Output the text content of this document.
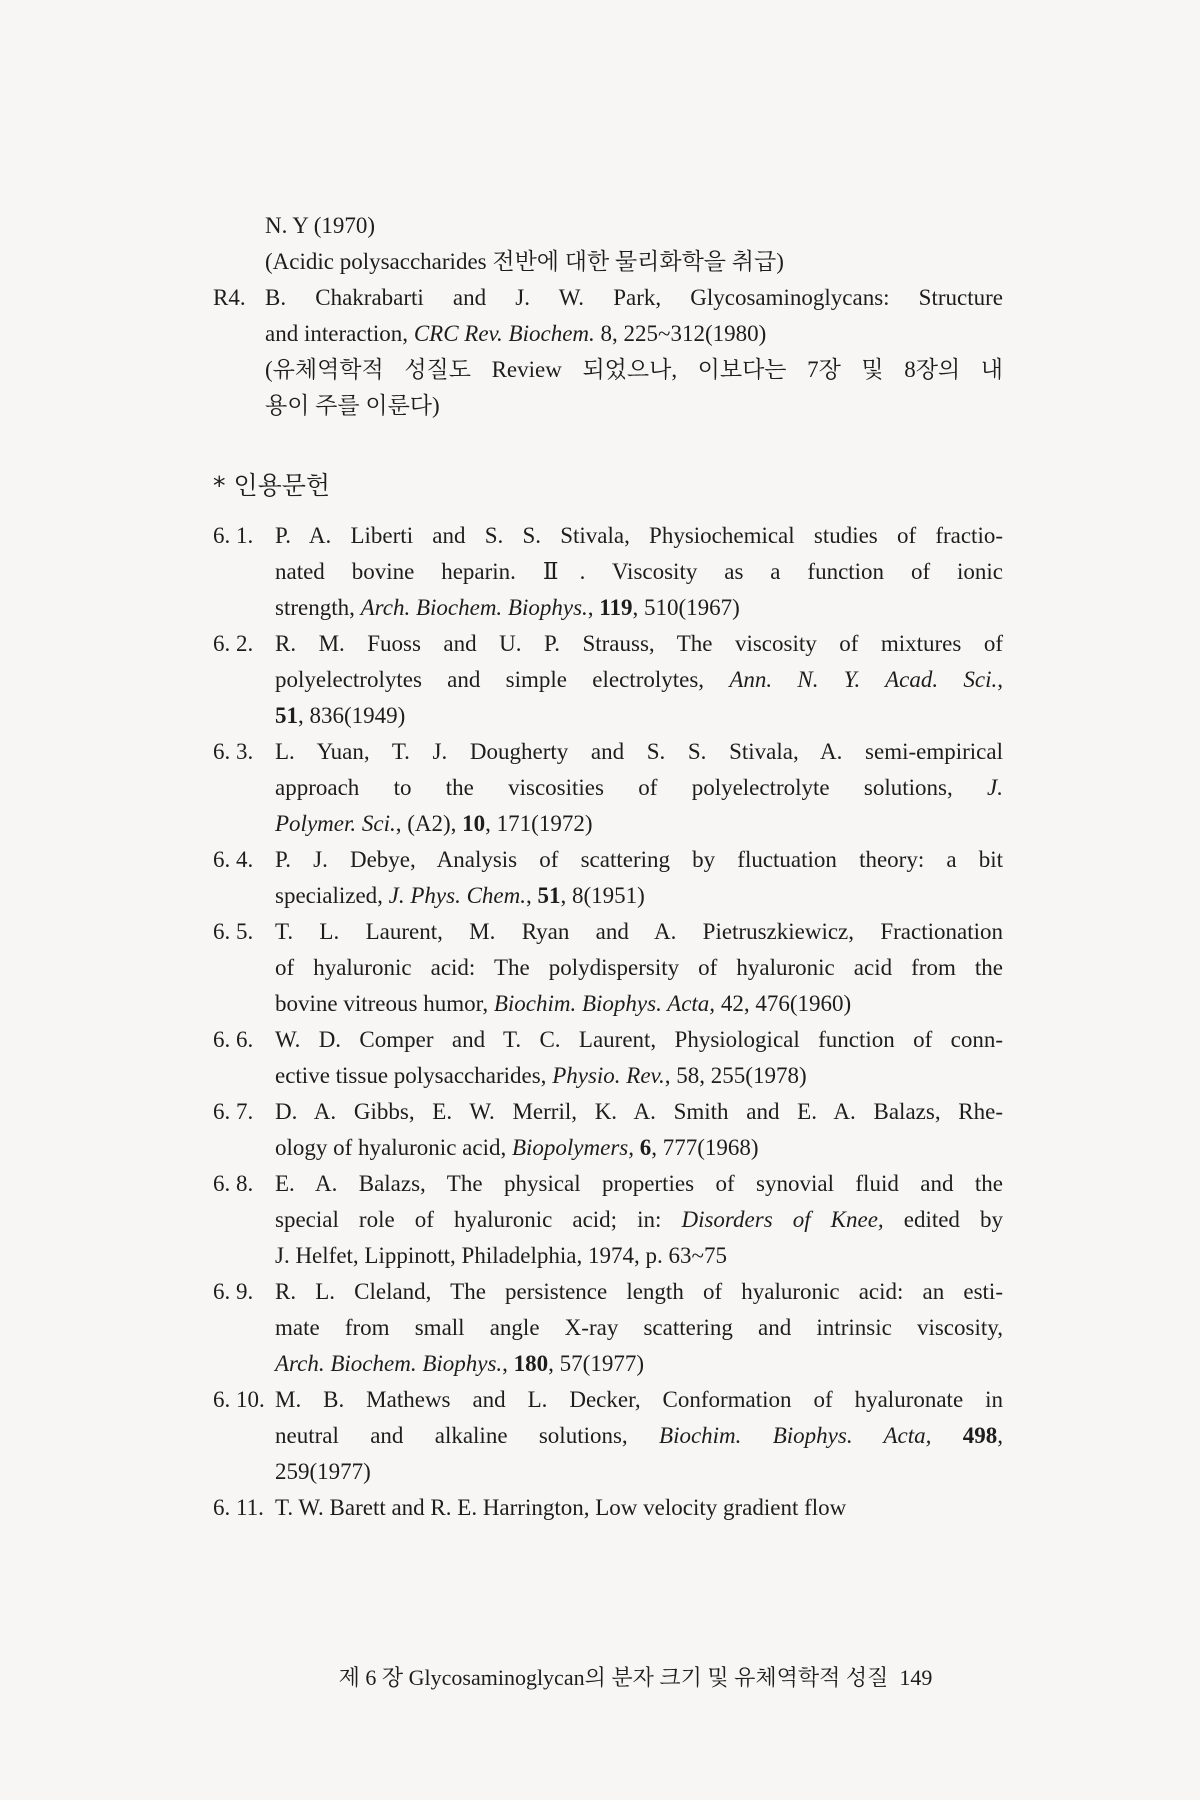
N. Y (1970)
(Acidic polysaccharides 전반에 대한 물리화학을 취급)
R4. B. Chakrabarti and J. W. Park, Glycosaminoglycans: Structure
and interaction, CRC Rev. Biochem. 8, 225~312(1980)
(유체역학적 성질도 Review 되었으나, 이보다는 7장 및 8장의 내
용이 주를 이룬다)
* 인용문헌
6. 1. P. A. Liberti and S. S. Stivala, Physiochemical studies of fractio-
nated bovine heparin. Ⅱ. Viscosity as a function of ionic
strength, Arch. Biochem. Biophys., 119, 510(1967)
6. 2. R. M. Fuoss and U. P. Strauss, The viscosity of mixtures of
polyelectrolytes and simple electrolytes, Ann. N. Y. Acad. Sci.,
51, 836(1949)
6. 3. L. Yuan, T. J. Dougherty and S. S. Stivala, A. semi-empirical
approach to the viscosities of polyelectrolyte solutions, J.
Polymer. Sci., (A2), 10, 171(1972)
6. 4. P. J. Debye, Analysis of scattering by fluctuation theory: a bit
specialized, J. Phys. Chem., 51, 8(1951)
6. 5. T. L. Laurent, M. Ryan and A. Pietruszkiewicz, Fractionation
of hyaluronic acid: The polydispersity of hyaluronic acid from the
bovine vitreous humor, Biochim. Biophys. Acta, 42, 476(1960)
6. 6. W. D. Comper and T. C. Laurent, Physiological function of conn-
ective tissue polysaccharides, Physio. Rev., 58, 255(1978)
6. 7. D. A. Gibbs, E. W. Merril, K. A. Smith and E. A. Balazs, Rhe-
ology of hyaluronic acid, Biopolymers, 6, 777(1968)
6. 8. E. A. Balazs, The physical properties of synovial fluid and the
special role of hyaluronic acid; in: Disorders of Knee, edited by
J. Helfet, Lippinott, Philadelphia, 1974, p. 63~75
6. 9. R. L. Cleland, The persistence length of hyaluronic acid: an esti-
mate from small angle X-ray scattering and intrinsic viscosity,
Arch. Biochem. Biophys., 180, 57(1977)
6. 10. M. B. Mathews and L. Decker, Conformation of hyaluronate in
neutral and alkaline solutions, Biochim. Biophys. Acta, 498,
259(1977)
6. 11. T. W. Barett and R. E. Harrington, Low velocity gradient flow
제 6 장 Glycosaminoglycan의 분자 크기 및 유체역학적 성질 149
